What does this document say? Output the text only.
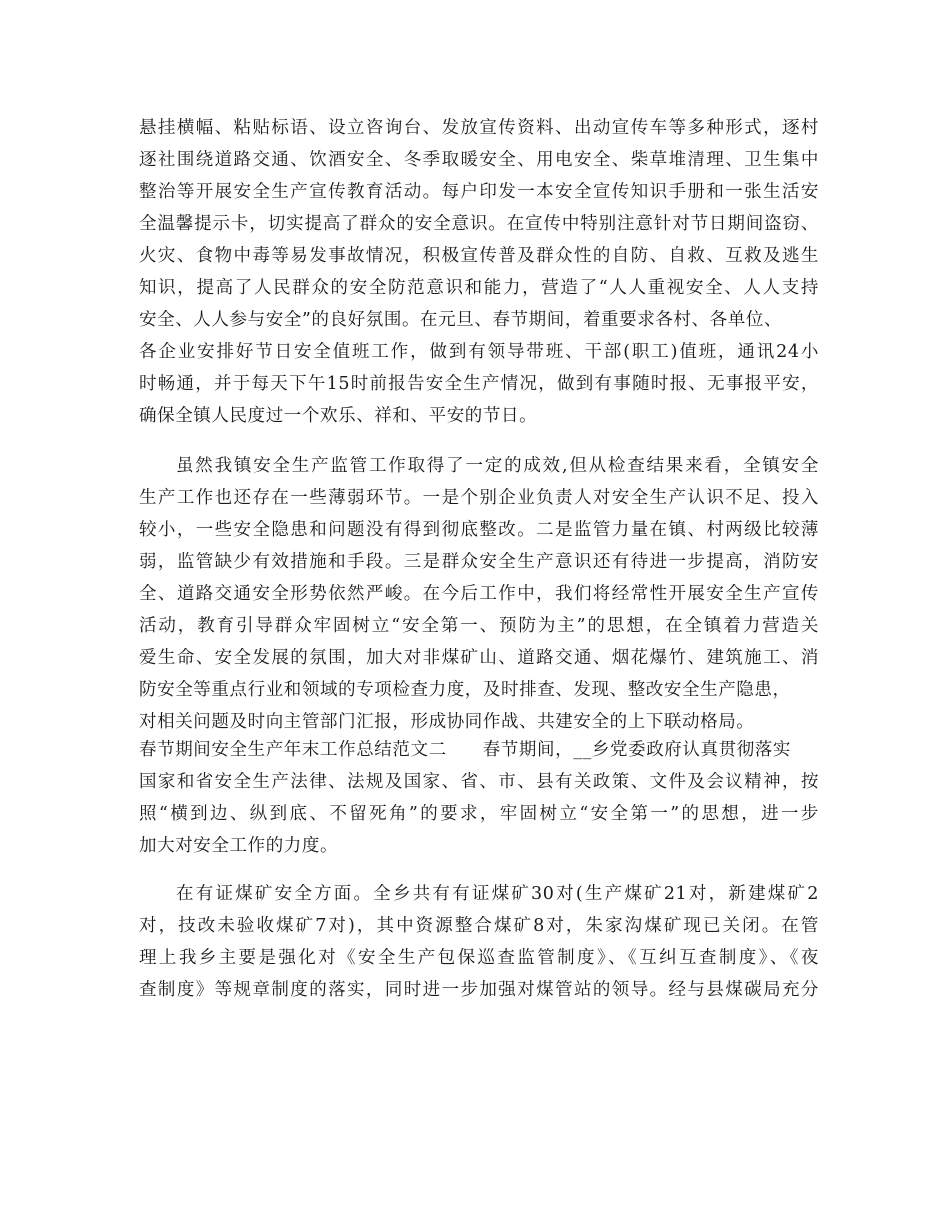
悬挂横幅、粘贴标语、设立咨询台、发放宣传资料、出动宣传车等多种形式，逐村
逐社围绕道路交通、饮酒安全、冬季取暖安全、用电安全、柴草堆清理、卫生集中
整治等开展安全生产宣传教育活动。每户印发一本安全宣传知识手册和一张生活安
全温馨提示卡，切实提高了群众的安全意识。在宣传中特别注意针对节日期间盗窃、
火灾、食物中毒等易发事故情况，积极宣传普及群众性的自防、自救、互救及逃生
知识，提高了人民群众的安全防范意识和能力，营造了“人人重视安全、人人支持
安全、人人参与安全”的良好氛围。在元旦、春节期间，着重要求各村、各单位、
各企业安排好节日安全值班工作，做到有领导带班、干部(职工)值班，通讯24小
时畅通，并于每天下午15时前报告安全生产情况，做到有事随时报、无事报平安，
确保全镇人民度过一个欢乐、祥和、平安的节日。
虽然我镇安全生产监管工作取得了一定的成效,但从检查结果来看，全镇安全
生产工作也还存在一些薄弱环节。一是个别企业负责人对安全生产认识不足、投入
较小，一些安全隐患和问题没有得到彻底整改。二是监管力量在镇、村两级比较薄
弱，监管缺少有效措施和手段。三是群众安全生产意识还有待进一步提高，消防安
全、道路交通安全形势依然严峻。在今后工作中，我们将经常性开展安全生产宣传
活动，教育引导群众牢固树立“安全第一、预防为主”的思想，在全镇着力营造关
爱生命、安全发展的氛围，加大对非煤矿山、道路交通、烟花爆竹、建筑施工、消
防安全等重点行业和领域的专项检查力度，及时排查、发现、整改安全生产隐患，
对相关问题及时向主管部门汇报，形成协同作战、共建安全的上下联动格局。
春节期间安全生产年末工作总结范文二 春节期间，__乡党委政府认真贯彻落实
国家和省安全生产法律、法规及国家、省、市、县有关政策、文件及会议精神，按
照“横到边、纵到底、不留死角”的要求，牢固树立“安全第一”的思想，进一步
加大对安全工作的力度。
在有证煤矿安全方面。全乡共有有证煤矿30对(生产煤矿21对，新建煤矿2
对，技改未验收煤矿7对)，其中资源整合煤矿8对，朱家沟煤矿现已关闭。在管
理上我乡主要是强化对《安全生产包保巡查监管制度》、《互纠互查制度》、《夜
查制度》等规章制度的落实，同时进一步加强对煤管站的领导。经与县煤碳局充分
